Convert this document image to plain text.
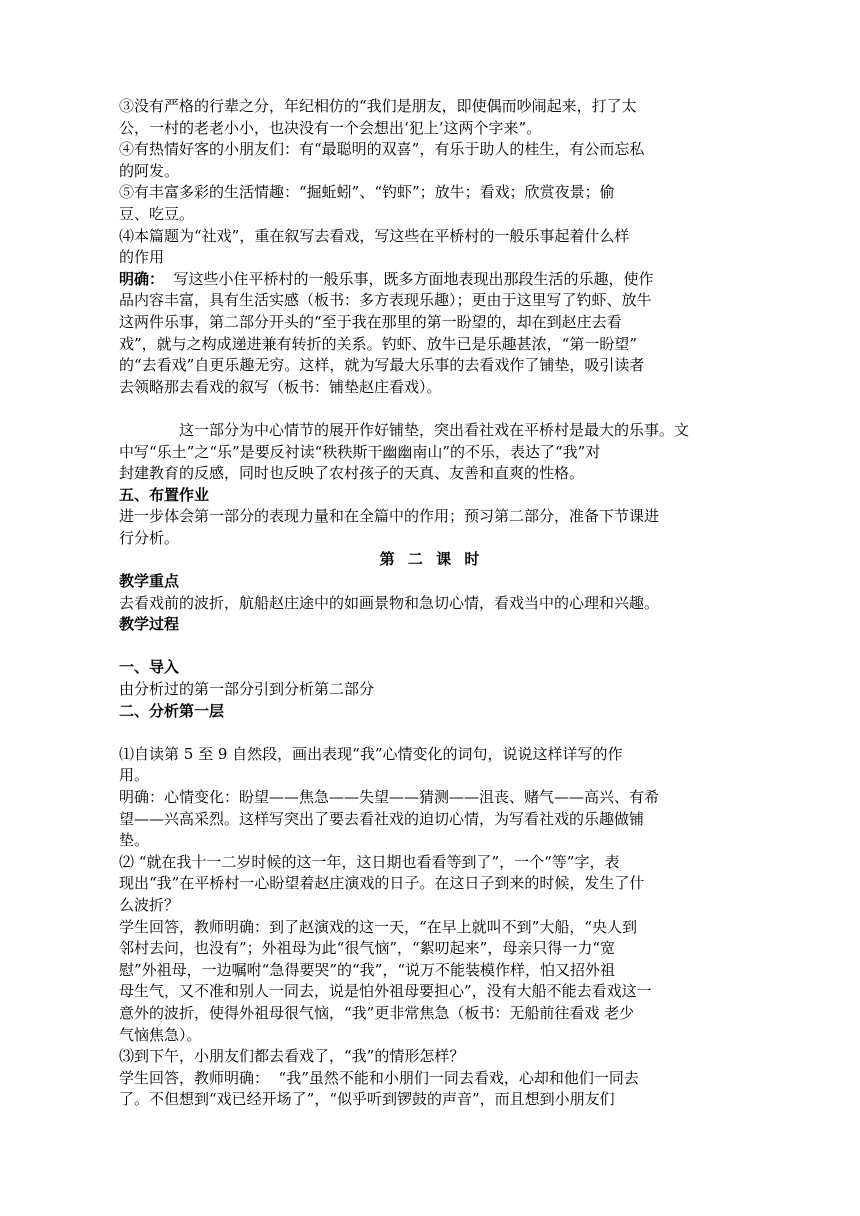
③没有严格的行辈之分，年纪相仿的“我们是朋友，即使偶而吵闹起来，打了太
公，一村的老老小小，也决没有一个会想出‘犯上’这两个字来”。
④有热情好客的小朋友们：有“最聪明的双喜”，有乐于助人的桂生，有公而忘私
的阿发。
⑤有丰富多彩的生活情趣：“掘蚯蚓”、“钓虾”；放牛；看戏；欣赏夜景；偷
豆、吃豆。
⑷本篇题为“社戏”，重在叙写去看戏，写这些在平桥村的一般乐事起着什么样
的作用
明确：  写这些小住平桥村的一般乐事，既多方面地表现出那段生活的乐趣，使作
品内容丰富，具有生活实感（板书：多方表现乐趣）；更由于这里写了钓虾、放牛
这两件乐事，第二部分开头的“至于我在那里的第一盼望的，却在到赵庄去看
戏”，就与之构成递进兼有转折的关系。钓虾、放牛已是乐趣甚浓，“第一盼望”
的“去看戏”自更乐趣无穷。这样，就为写最大乐事的去看戏作了铺垫，吸引读者
去领略那去看戏的叙写（板书：铺垫赵庄看戏）。
这一部分为中心情节的展开作好铺垫，突出看社戏在平桥村是最大的乐事。文
中写“乐土”之“乐”是要反衬读“秩秩斯干幽幽南山”的不乐，表达了“我”对
封建教育的反感，同时也反映了农村孩子的天真、友善和直爽的性格。
五、布置作业
进一步体会第一部分的表现力量和在全篇中的作用；预习第二部分，准备下节课进
行分析。
第 二 课 时
教学重点
去看戏前的波折，航船赵庄途中的如画景物和急切心情，看戏当中的心理和兴趣。
教学过程
一、导入
由分析过的第一部分引到分析第二部分
二、分析第一层
⑴自读第 5 至 9 自然段，画出表现“我”心情变化的词句，说说这样详写的作
用。
明确：心情变化：盼望——焦急——失望——猜测——沮丧、赌气——高兴、有希
望——兴高采烈。这样写突出了要去看社戏的迫切心情，为写看社戏的乐趣做铺
垫。
⑵ “就在我十一二岁时候的这一年，这日期也看看等到了”，一个“等”字，表
现出“我”在平桥村一心盼望着赵庄演戏的日子。在这日子到来的时候，发生了什
么波折？
学生回答，教师明确：到了赵演戏的这一天，“在早上就叫不到”大船，“央人到
邻村去问，也没有”；外祖母为此“很气恼”，“絮叨起来”，母亲只得一力“宽
慰”外祖母，一边嘱咐“急得要哭”的“我”，“说万不能装模作样，怕又招外祖
母生气，又不准和别人一同去，说是怕外祖母要担心”，没有大船不能去看戏这一
意外的波折，使得外祖母很气恼，“我”更非常焦急（板书：无船前往看戏 老少
气恼焦急）。
⑶到下午，小朋友们都去看戏了，“我”的情形怎样？
学生回答，教师明确： “我”虽然不能和小朋们一同去看戏，心却和他们一同去
了。不但想到“戏已经开场了”，“似乎听到锣鼓的声音”，而且想到小朋友们
